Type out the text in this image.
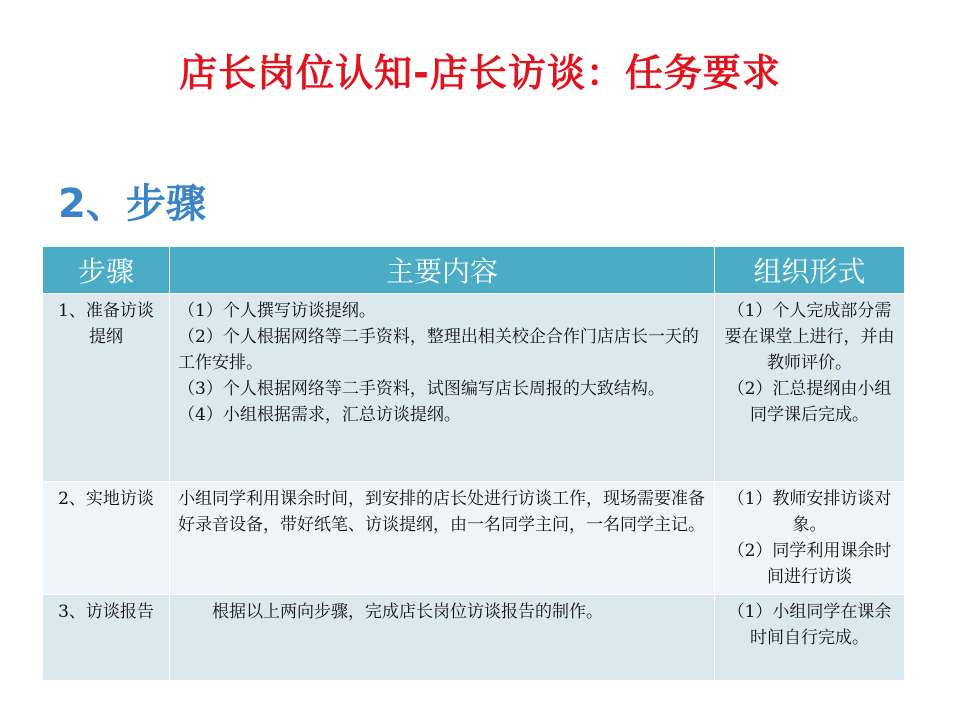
店长岗位认知-店长访谈：任务要求
2、步骤
步骤	主要内容	组织形式
1、准备访谈提纲	（1）个人撰写访谈提纲。
（2）个人根据网络等二手资料，整理出相关校企合作门店店长一天的工作安排。
（3）个人根据网络等二手资料，试图编写店长周报的大致结构。
（4）小组根据需求，汇总访谈提纲。	（1）个人完成部分需要在课堂上进行，并由教师评价。
（2）汇总提纲由小组同学课后完成。

2、实地访谈	小组同学利用课余时间，到安排的店长处进行访谈工作，现场需要准备好录音设备，带好纸笔、访谈提纲，由一名同学主问，一名同学主记。	（1）教师安排访谈对象。
（2）同学利用课余时间进行访谈

3、访谈报告	根据以上两向步骤，完成店长岗位访谈报告的制作。	（1）小组同学在课余时间自行完成。
